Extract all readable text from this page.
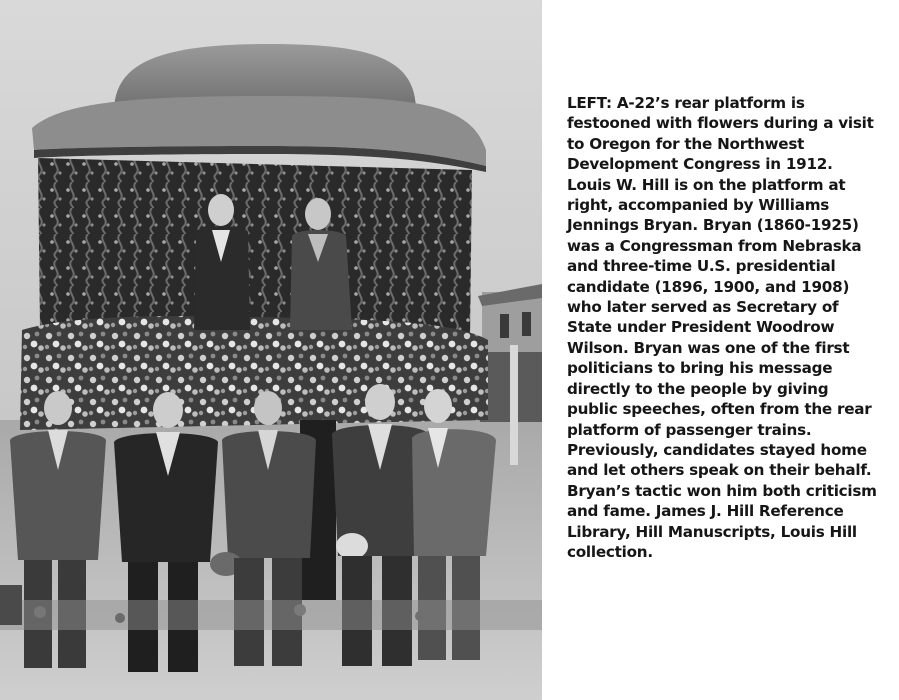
LEFT: A-22’s rear platform is festooned with flowers during a visit to Oregon for the Northwest Development Congress in 1912. Louis W. Hill is on the platform at right, accompanied by Williams Jennings Bryan. Bryan (1860-1925) was a Congressman from Nebraska and three-time U.S. presidential candidate (1896, 1900, and 1908) who later served as Secretary of State under President Woodrow Wilson. Bryan was one of the first politicians to bring his message directly to the people by giving public speeches, often from the rear platform of passenger trains. Previously, candidates stayed home and let others speak on their behalf. Bryan’s tactic won him both criticism and fame. James J. Hill Reference Library, Hill Manuscripts, Louis Hill collection.
